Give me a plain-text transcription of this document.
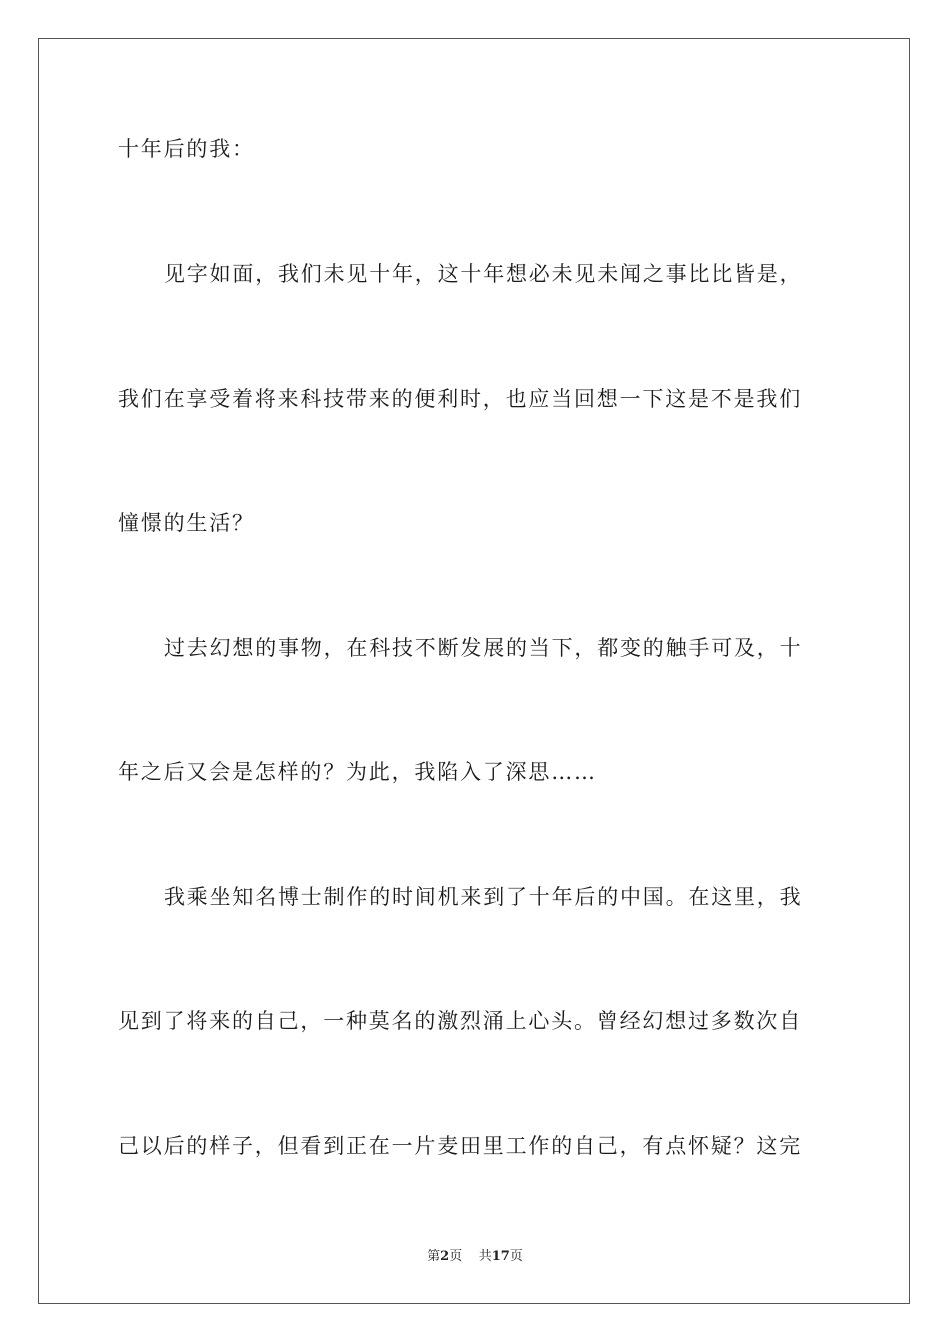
十年后的我：
见字如面，我们未见十年，这十年想必未见未闻之事比比皆是，
我们在享受着将来科技带来的便利时，也应当回想一下这是不是我们
憧憬的生活？
过去幻想的事物，在科技不断发展的当下，都变的触手可及，十
年之后又会是怎样的？为此，我陷入了深思……
我乘坐知名博士制作的时间机来到了十年后的中国。在这里，我
见到了将来的自己，一种莫名的激烈涌上心头。曾经幻想过多数次自
己以后的样子，但看到正在一片麦田里工作的自己，有点怀疑？这完
第2页 共17页
